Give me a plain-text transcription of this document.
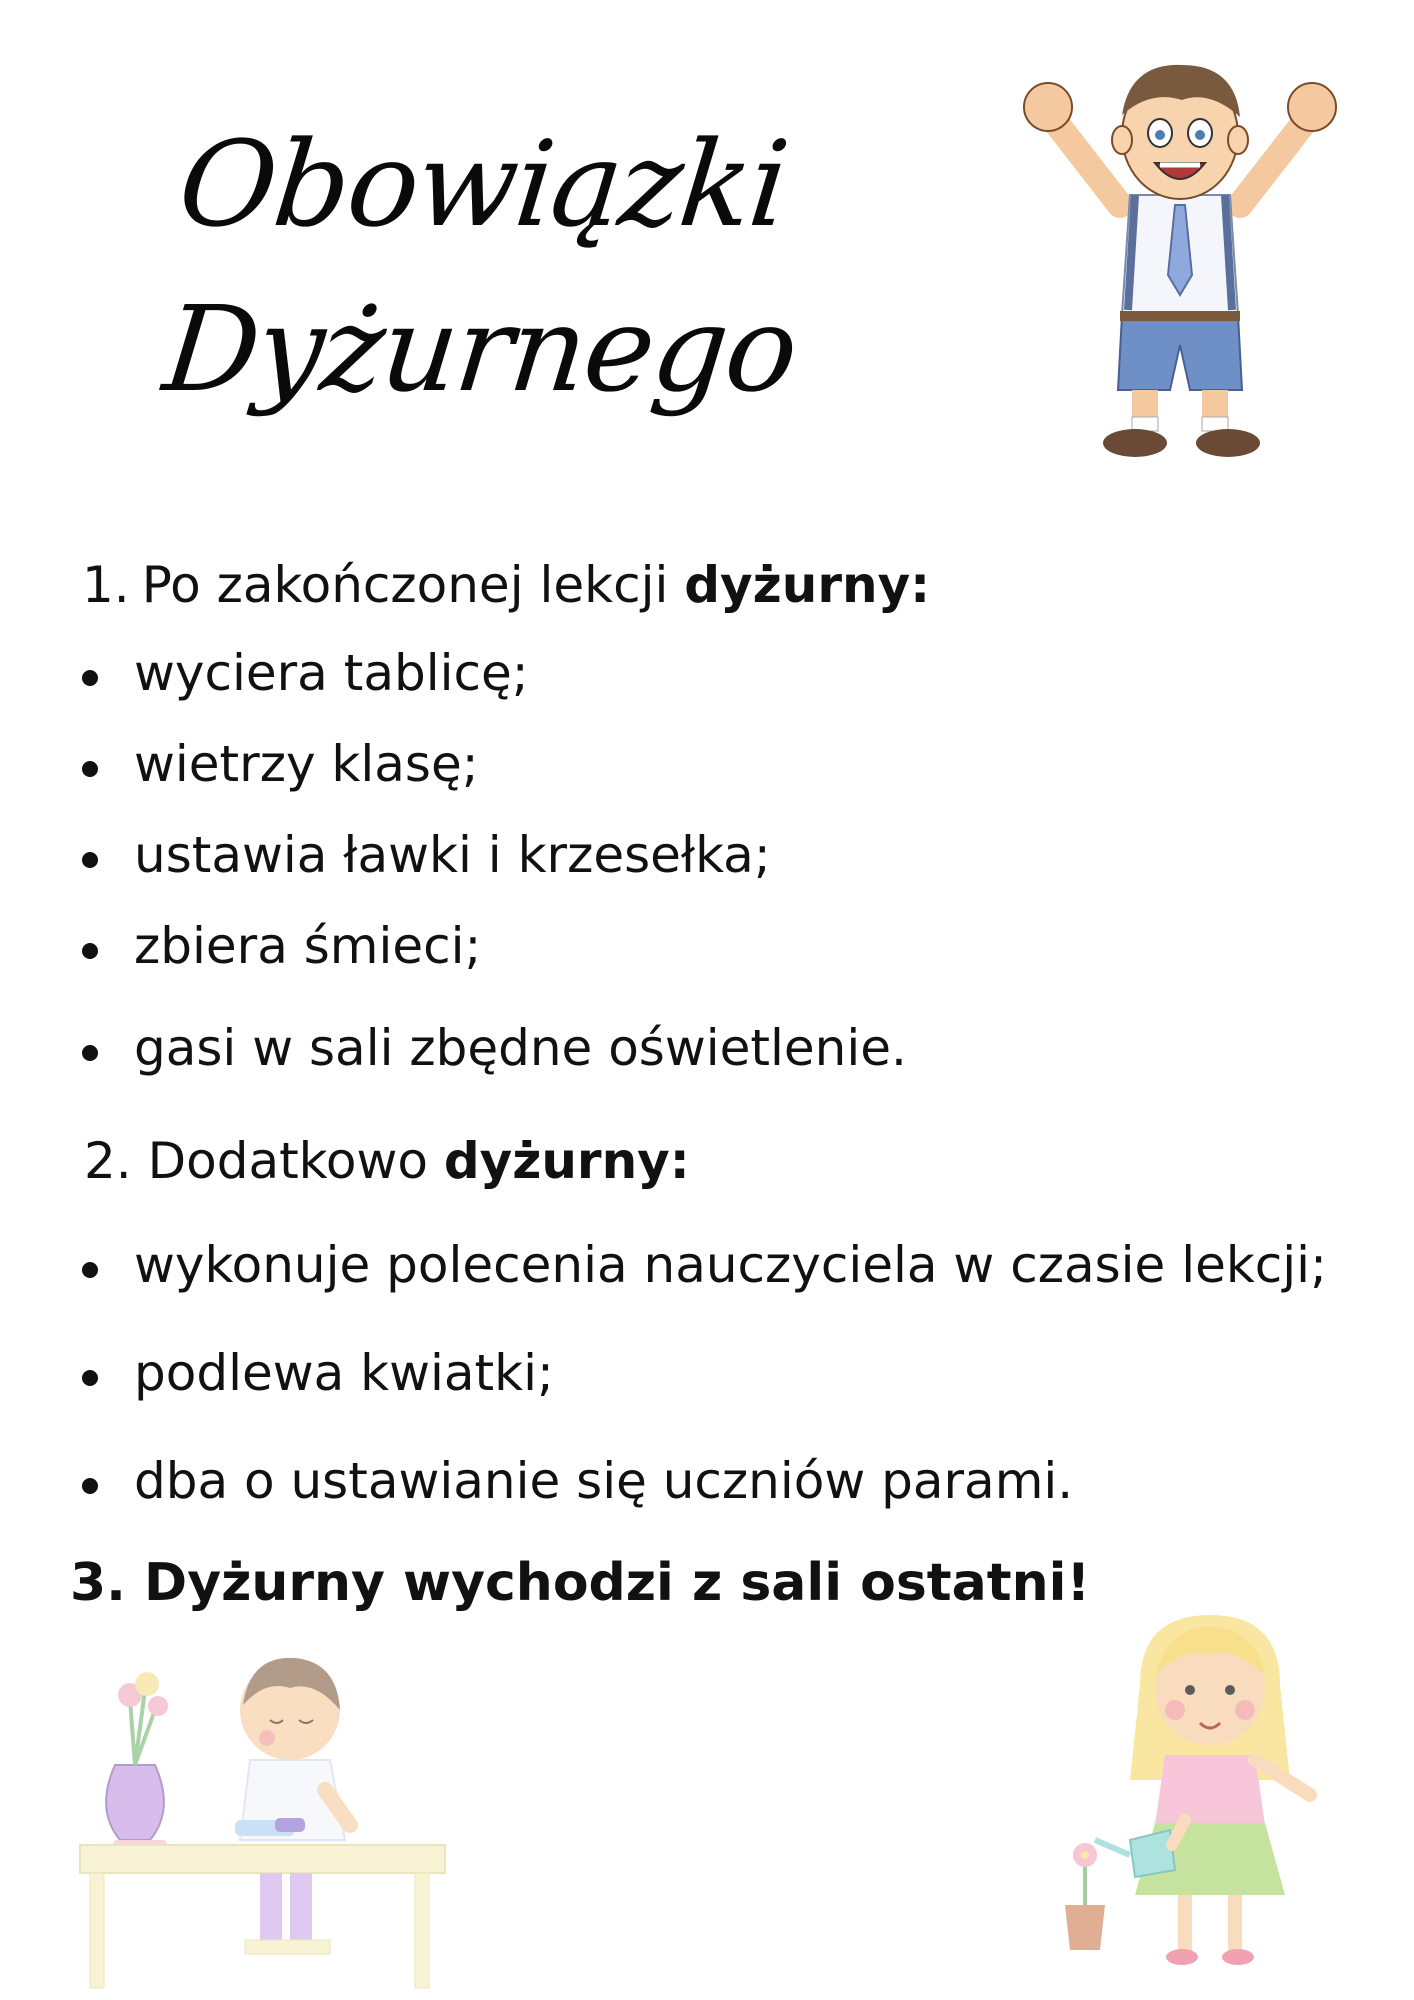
Obowiązki
Dyżurnego
1. Po zakończonej lekcji dyżurny:
wyciera tablicę;
wietrzy klasę;
ustawia ławki i krzesełka;
zbiera śmieci;
gasi w sali zbędne oświetlenie.
2. Dodatkowo dyżurny:
wykonuje polecenia nauczyciela w czasie lekcji;
podlewa kwiatki;
dba o ustawianie się uczniów parami.
3. Dyżurny wychodzi z sali ostatni!
